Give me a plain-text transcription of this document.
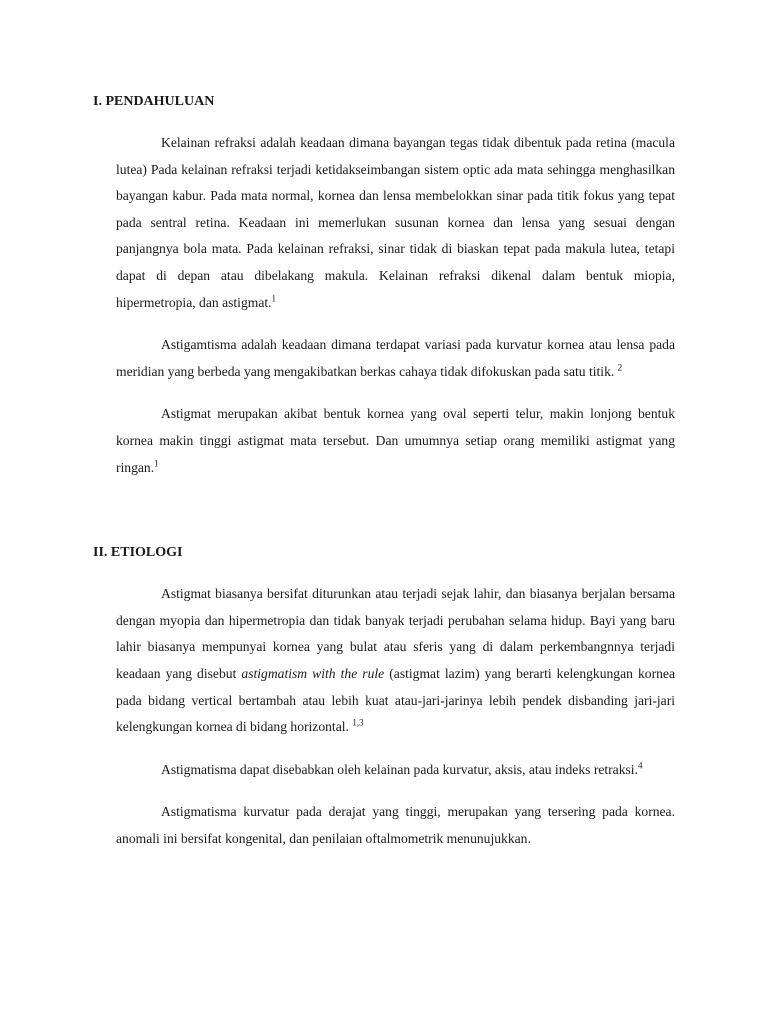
I. PENDAHULUAN

Kelainan refraksi adalah keadaan dimana bayangan tegas tidak dibentuk pada retina (macula lutea) Pada kelainan refraksi terjadi ketidakseimbangan sistem optic ada mata sehingga menghasilkan bayangan kabur. Pada mata normal, kornea dan lensa membelokkan sinar pada titik fokus yang tepat pada sentral retina. Keadaan ini memerlukan susunan kornea dan lensa yang sesuai dengan panjangnya bola mata. Pada kelainan refraksi, sinar tidak di biaskan tepat pada makula lutea, tetapi dapat di depan atau dibelakang makula. Kelainan refraksi dikenal dalam bentuk miopia, hipermetropia, dan astigmat.$^1$

Astigamtisma adalah keadaan dimana terdapat variasi pada kurvatur kornea atau lensa pada meridian yang berbeda yang mengakibatkan berkas cahaya tidak difokuskan pada satu titik. $^2$

Astigmat merupakan akibat bentuk kornea yang oval seperti telur, makin lonjong bentuk kornea makin tinggi astigmat mata tersebut. Dan umumnya setiap orang memiliki astigmat yang ringan.$^1$

II. ETIOLOGI

Astigmat biasanya bersifat diturunkan atau terjadi sejak lahir, dan biasanya berjalan bersama dengan myopia dan hipermetropia dan tidak banyak terjadi perubahan selama hidup. Bayi yang baru lahir biasanya mempunyai kornea yang bulat atau sferis yang di dalam perkembangnnya terjadi keadaan yang disebut astigmatism with the rule (astigmat lazim) yang berarti kelengkungan kornea pada bidang vertical bertambah atau lebih kuat atau-jari-jarinya lebih pendek disbanding jari-jari kelengkungan kornea di bidang horizontal. $^{1,3}$

Astigmatisma dapat disebabkan oleh kelainan pada kurvatur, aksis, atau indeks retraksi.$^4$

Astigmatisma kurvatur pada derajat yang tinggi, merupakan yang tersering pada kornea. anomali ini bersifat kongenital, dan penilaian oftalmometrik menunujukkan.
